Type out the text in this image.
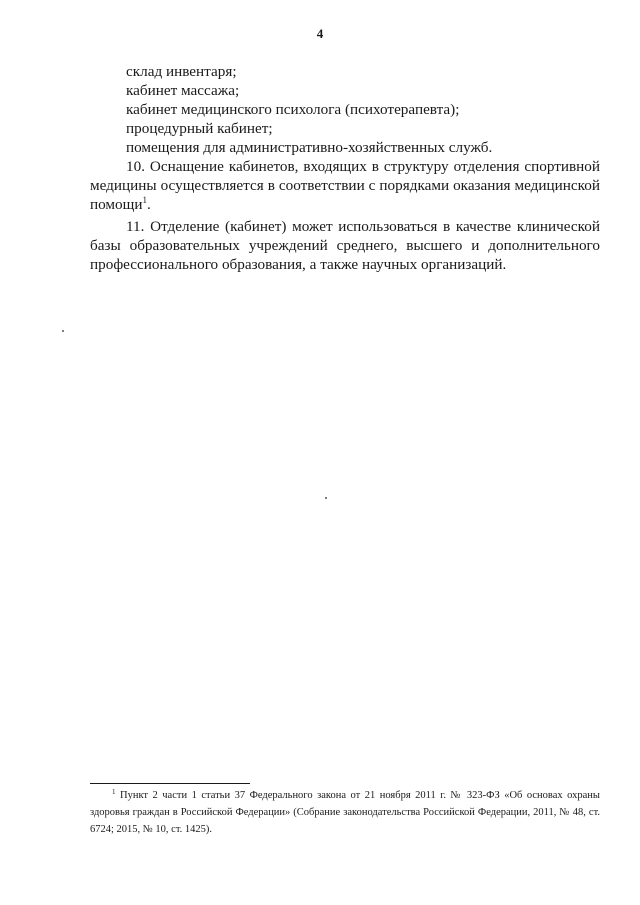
4
склад инвентаря;
кабинет массажа;
кабинет медицинского психолога (психотерапевта);
процедурный кабинет;
помещения для административно-хозяйственных служб.

10. Оснащение кабинетов, входящих в структуру отделения спортивной медицины осуществляется в соответствии с порядками оказания медицинской помощи$^1$.

11. Отделение (кабинет) может использоваться в качестве клинической базы образовательных учреждений среднего, высшего и дополнительного профессионального образования, а также научных организаций.

$^1$ Пункт 2 части 1 статьи 37 Федерального закона от 21 ноября 2011 г. № 323-ФЗ «Об основах охраны здоровья граждан в Российской Федерации» (Собрание законодательства Российской Федерации, 2011, № 48, ст. 6724; 2015, № 10, ст. 1425).
